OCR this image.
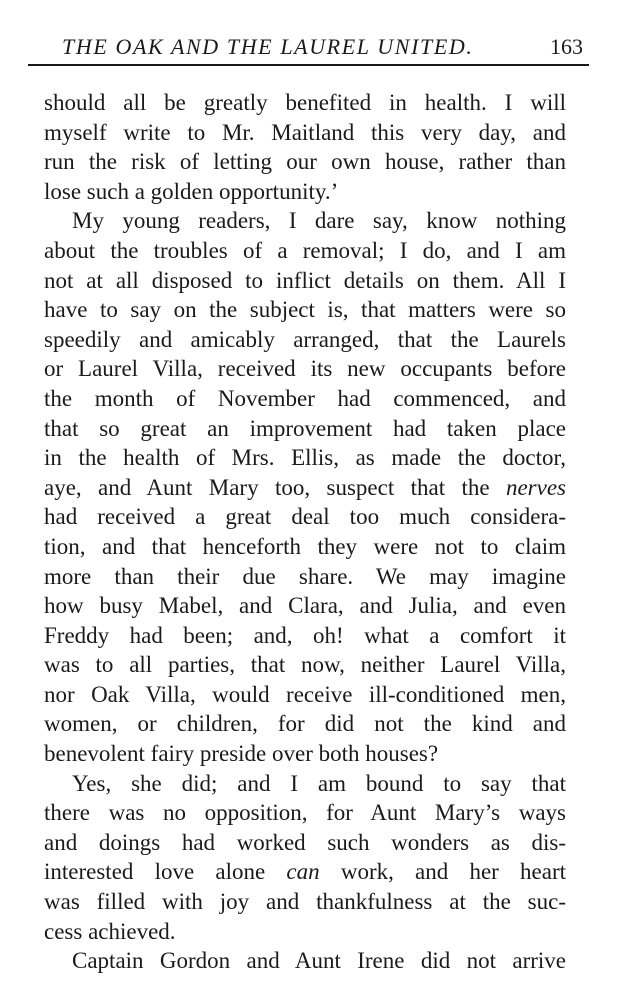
THE OAK AND THE LAUREL UNITED.	163
should all be greatly benefited in health. I will
myself write to Mr. Maitland this very day, and
run the risk of letting our own house, rather than
lose such a golden opportunity.’
My young readers, I dare say, know nothing
about the troubles of a removal; I do, and I am
not at all disposed to inflict details on them. All I
have to say on the subject is, that matters were so
speedily and amicably arranged, that the Laurels
or Laurel Villa, received its new occupants before
the month of November had commenced, and
that so great an improvement had taken place
in the health of Mrs. Ellis, as made the doctor,
aye, and Aunt Mary too, suspect that the nerves
had received a great deal too much considera-
tion, and that henceforth they were not to claim
more than their due share. We may imagine
how busy Mabel, and Clara, and Julia, and even
Freddy had been; and, oh! what a comfort it
was to all parties, that now, neither Laurel Villa,
nor Oak Villa, would receive ill-conditioned men,
women, or children, for did not the kind and
benevolent fairy preside over both houses?
Yes, she did; and I am bound to say that
there was no opposition, for Aunt Mary’s ways
and doings had worked such wonders as dis-
interested love alone can work, and her heart
was filled with joy and thankfulness at the suc-
cess achieved.
Captain Gordon and Aunt Irene did not arrive
